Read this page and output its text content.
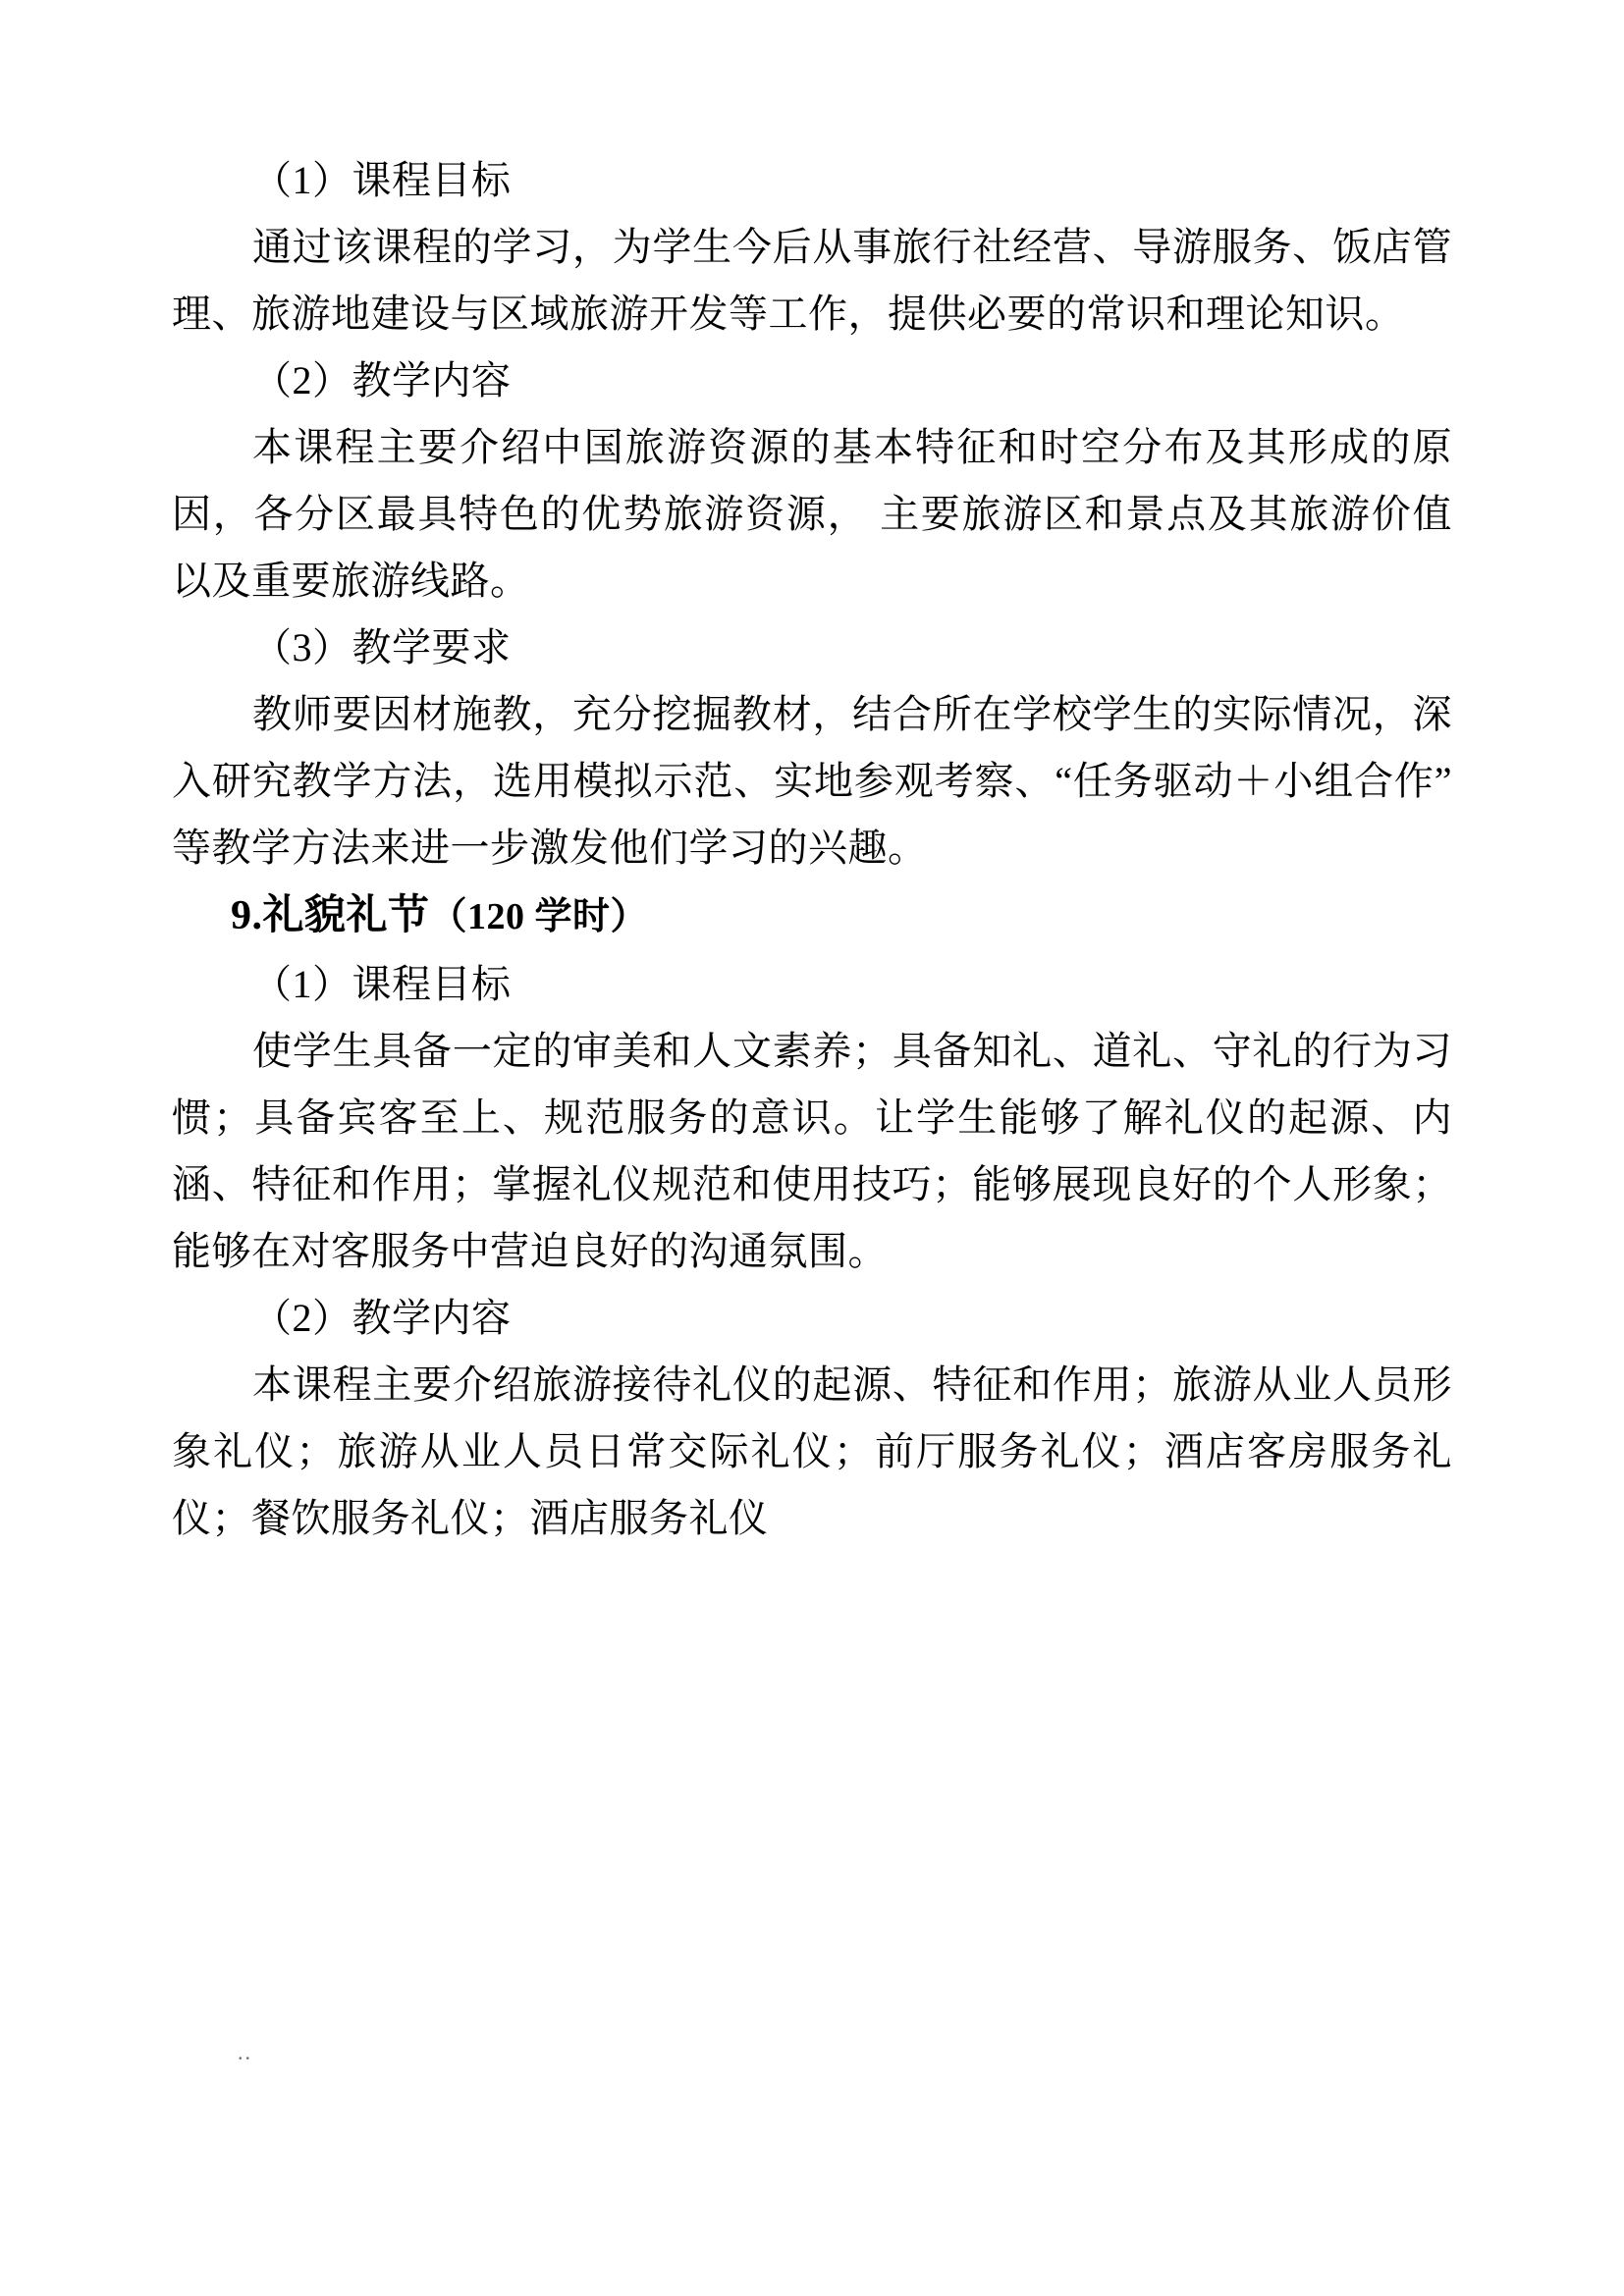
（1）课程目标

通过该课程的学习，为学生今后从事旅行社经营、导游服务、饭店管理、旅游地建设与区域旅游开发等工作，提供必要的常识和理论知识。

（2）教学内容

本课程主要介绍中国旅游资源的基本特征和时空分布及其形成的原因，各分区最具特色的优势旅游资源， 主要旅游区和景点及其旅游价值以及重要旅游线路。

（3）教学要求

教师要因材施教，充分挖掘教材，结合所在学校学生的实际情况，深入研究教学方法，选用模拟示范、实地参观考察、“任务驱动＋小组合作”等教学方法来进一步激发他们学习的兴趣。

9.礼貌礼节（120 学时）

（1）课程目标

使学生具备一定的审美和人文素养；具备知礼、道礼、守礼的行为习惯；具备宾客至上、规范服务的意识。让学生能够了解礼仪的起源、内涵、特征和作用；掌握礼仪规范和使用技巧；能够展现良好的个人形象；能够在对客服务中营迫良好的沟通氛围。

（2）教学内容

本课程主要介绍旅游接待礼仪的起源、特征和作用；旅游从业人员形象礼仪；旅游从业人员日常交际礼仪；前厅服务礼仪；酒店客房服务礼仪；餐饮服务礼仪；酒店服务礼仪

..
